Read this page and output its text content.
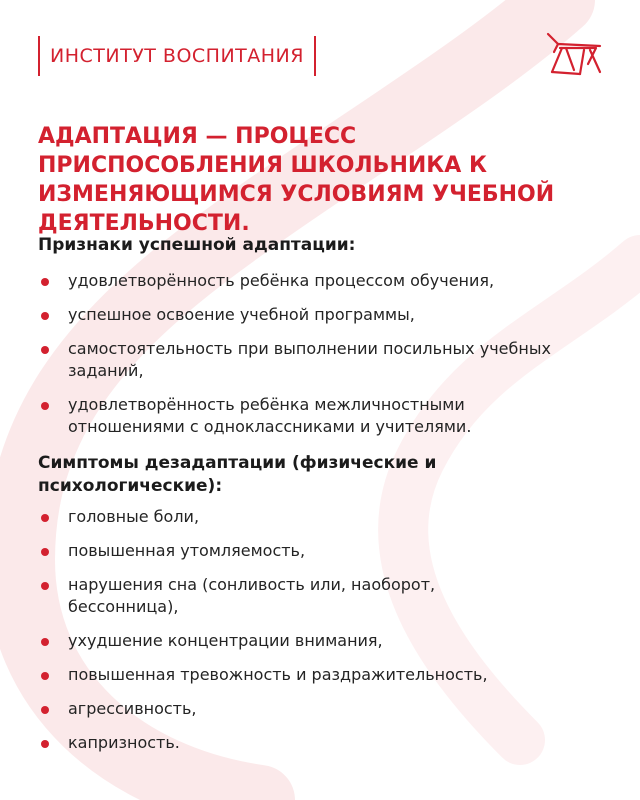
ИНСТИТУТ ВОСПИТАНИЯ
АДАПТАЦИЯ — ПРОЦЕСС ПРИСПОСОБЛЕНИЯ ШКОЛЬНИКА К ИЗМЕНЯЮЩИМСЯ УСЛОВИЯМ УЧЕБНОЙ ДЕЯТЕЛЬНОСТИ.
Признаки успешной адаптации:
удовлетворённость ребёнка процессом обучения,
успешное освоение учебной программы,
самостоятельность при выполнении посильных учебных заданий,
удовлетворённость ребёнка межличностными отношениями с одноклассниками и учителями.
Симптомы дезадаптации (физические и психологические):
головные боли,
повышенная утомляемость,
нарушения сна (сонливость или, наоборот, бессонница),
ухудшение концентрации внимания,
повышенная тревожность и раздражительность,
агрессивность,
капризность.
